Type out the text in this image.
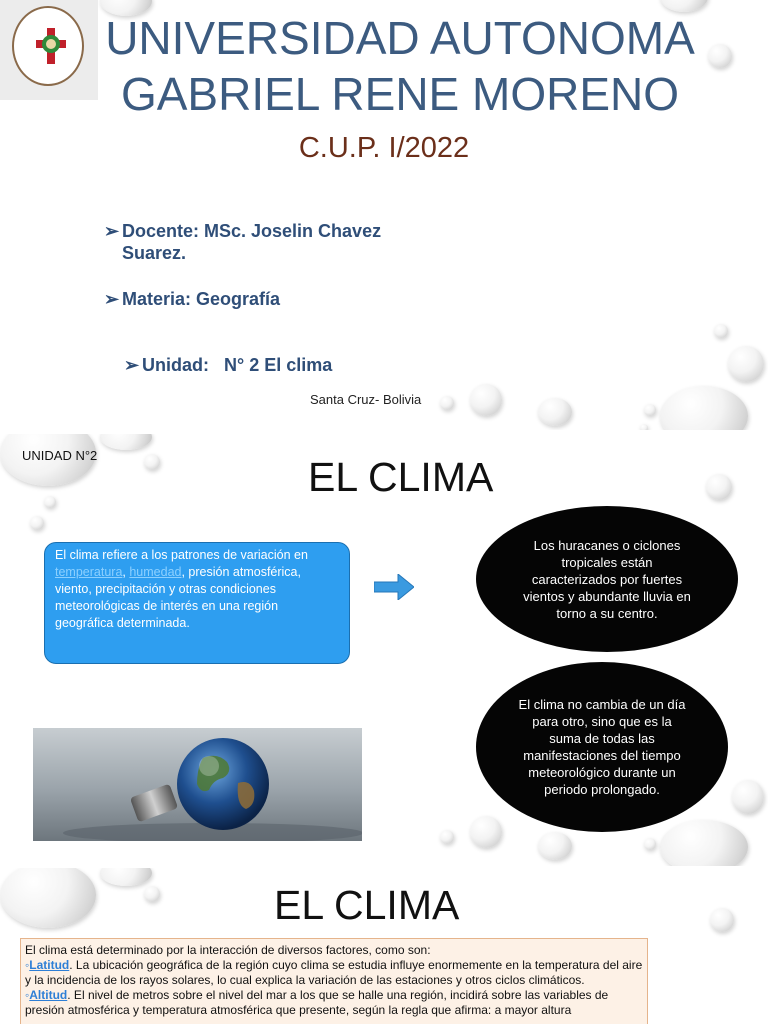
UNIVERSIDAD AUTONOMA
GABRIEL RENE MORENO
C.U.P. I/2022
➢ Docente: MSc. Joselin Chavez
Suarez.
➢ Materia: Geografía

➢ Unidad:   N° 2 El clima

Santa Cruz- Bolivia
UNIDAD N°2	EL CLIMA
El clima refiere a los patrones de variación en temperatura, humedad, presión atmosférica, viento, precipitación y otras condiciones meteorológicas de interés en una región geográfica determinada.
Los huracanes o ciclones tropicales están caracterizados por fuertes vientos y abundante lluvia en torno a su centro.
El clima no cambia de un día para otro, sino que es la suma de todas las manifestaciones del tiempo meteorológico durante un periodo prolongado.
EL CLIMA
El clima está determinado por la interacción de diversos factores, como son:
◦Latitud. La ubicación geográfica de la región cuyo clima se estudia influye enormemente en la temperatura del aire y la incidencia de los rayos solares, lo cual explica la variación de las estaciones y otros ciclos climáticos.
◦Altitud. El nivel de metros sobre el nivel del mar a los que se halle una región, incidirá sobre las variables de presión atmosférica y temperatura atmosférica que presente, según la regla que afirma: a mayor altura
